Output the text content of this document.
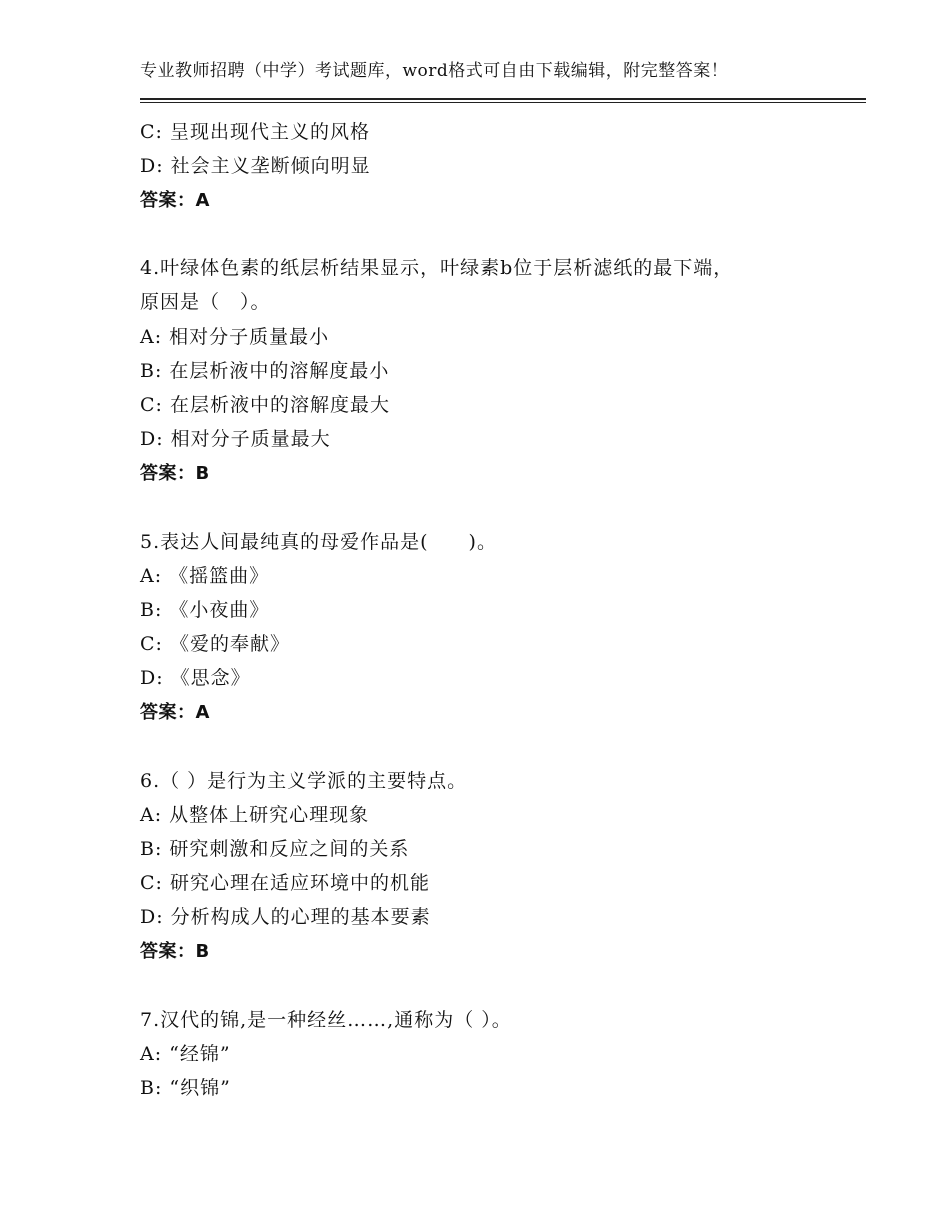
专业教师招聘（中学）考试题库，word格式可自由下载编辑，附完整答案！
C: 呈现出现代主义的风格
D: 社会主义垄断倾向明显
答案：A
4.叶绿体色素的纸层析结果显示，叶绿素b位于层析滤纸的最下端，
原因是（　）。
A: 相对分子质量最小
B: 在层析液中的溶解度最小
C: 在层析液中的溶解度最大
D: 相对分子质量最大
答案：B
5.表达人间最纯真的母爱作品是(　　)。
A: 《摇篮曲》
B: 《小夜曲》
C: 《爱的奉献》
D: 《思念》
答案：A
6.（ ）是行为主义学派的主要特点。
A: 从整体上研究心理现象
B: 研究刺激和反应之间的关系
C: 研究心理在适应环境中的机能
D: 分析构成人的心理的基本要素
答案：B
7.汉代的锦,是一种经丝……,通称为（ ）。
A: “经锦”
B: “织锦”
